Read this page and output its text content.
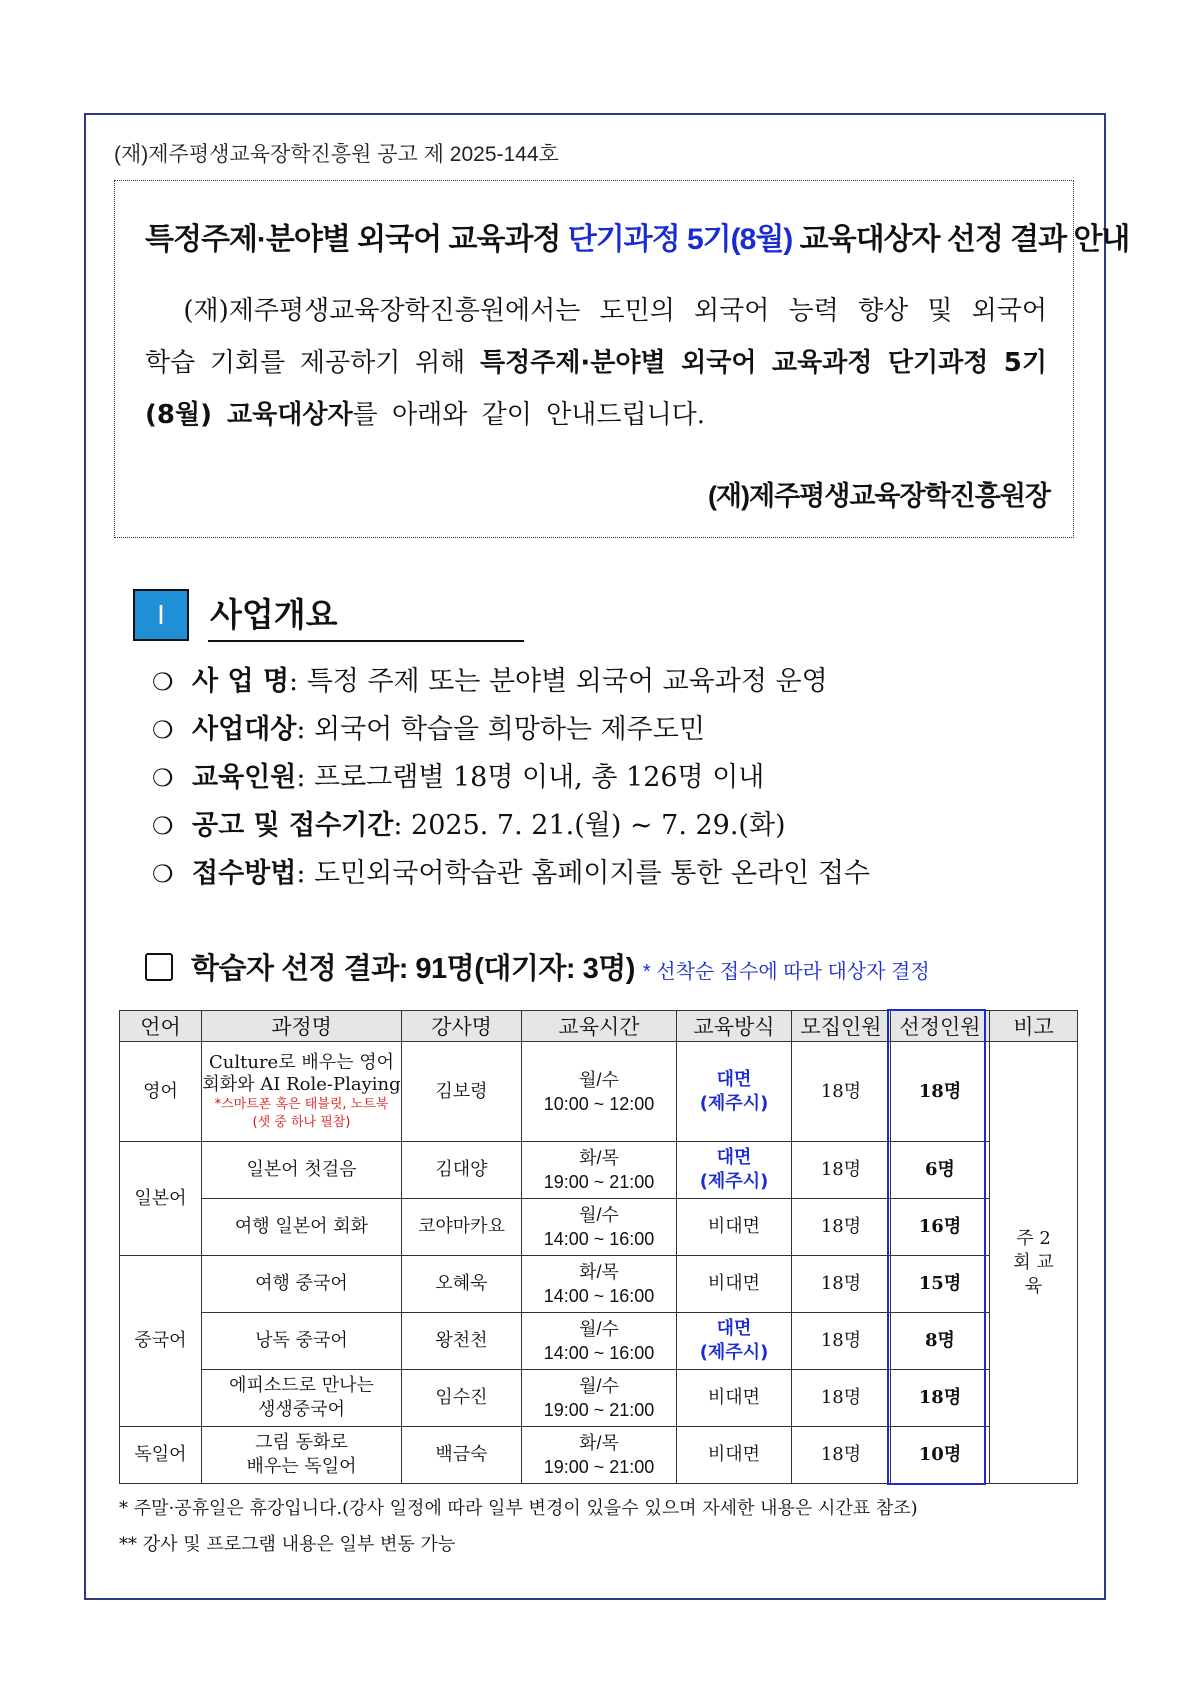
(재)제주평생교육장학진흥원 공고 제 2025-144호
특정주제·분야별 외국어 교육과정 단기과정 5기(8월) 교육대상자 선정 결과 안내
(재)제주평생교육장학진흥원에서는 도민의 외국어 능력 향상 및 외국어 학습 기회를 제공하기 위해 특정주제·분야별 외국어 교육과정 단기과정 5기(8월) 교육대상자를 아래와 같이 안내드립니다.
(재)제주평생교육장학진흥원장
Ⅰ	사업개요
❍ 사 업 명: 특정 주제 또는 분야별 외국어 교육과정 운영
❍ 사업대상: 외국어 학습을 희망하는 제주도민
❍ 교육인원: 프로그램별 18명 이내, 총 126명 이내
❍ 공고 및 접수기간: 2025. 7. 21.(월) ~ 7. 29.(화)
❍ 접수방법: 도민외국어학습관 홈페이지를 통한 온라인 접수
학습자 선정 결과: 91명(대기자: 3명) * 선착순 접수에 따라 대상자 결정
언어	과정명	강사명	교육시간	교육방식	모집인원	선정인원	비고
영어	Culture로 배우는 영어
회화와 AI Role-Playing
*스마트폰 혹은 태블릿, 노트북
(셋 중 하나 필참)	김보령	월/수
10:00 ~ 12:00	대면
(제주시)	18명	18명	주 2회 교육
일본어	일본어 첫걸음	김대양	화/목
19:00 ~ 21:00	대면
(제주시)	18명	6명	
	여행 일본어 회화	코야마카요	월/수
14:00 ~ 16:00	비대면	18명	16명	
중국어	여행 중국어	오혜욱	화/목
14:00 ~ 16:00	비대면	18명	15명	
	낭독 중국어	왕천천	월/수
14:00 ~ 16:00	대면
(제주시)	18명	8명	

	에피소드로 만나는
생생중국어	임수진	월/수
19:00 ~ 21:00	비대면	18명	18명	
독일어	그림 동화로
배우는 독일어	백금숙	화/목
19:00 ~ 21:00	비대면	18명	10명	
* 주말·공휴일은 휴강입니다.(강사 일정에 따라 일부 변경이 있을수 있으며 자세한 내용은 시간표 참조)
** 강사 및 프로그램 내용은 일부 변동 가능
